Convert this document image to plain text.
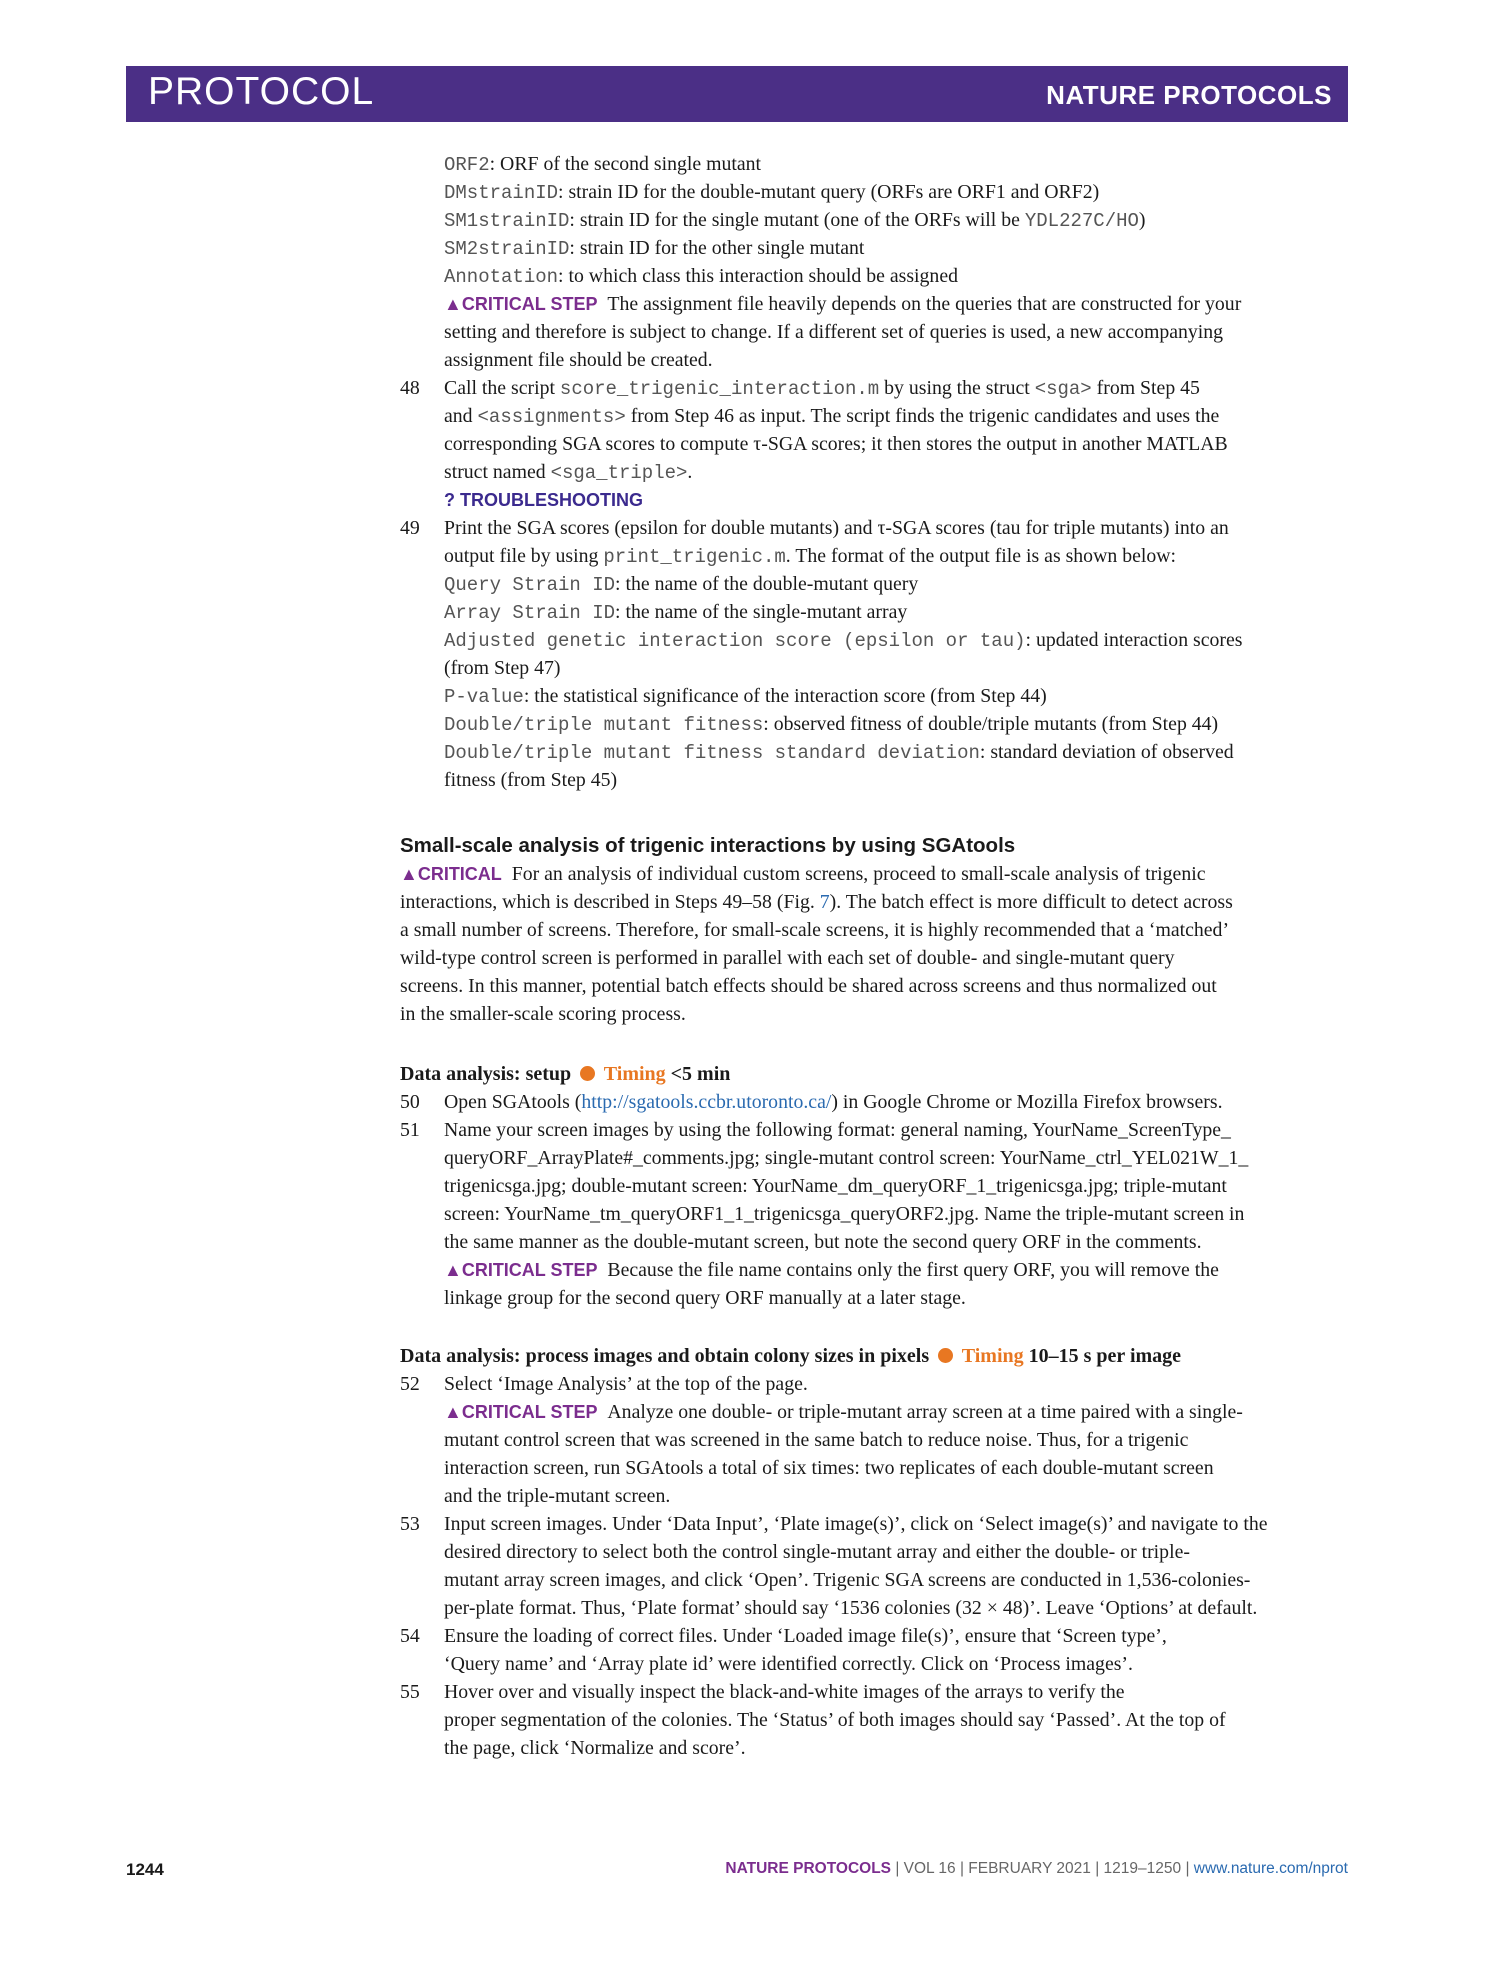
PROTOCOL	NATURE PROTOCOLS
ORF2: ORF of the second single mutant
DMstrainID: strain ID for the double-mutant query (ORFs are ORF1 and ORF2)
SM1strainID: strain ID for the single mutant (one of the ORFs will be YDL227C/HO)
SM2strainID: strain ID for the other single mutant
Annotation: to which class this interaction should be assigned
▲CRITICAL STEP The assignment file heavily depends on the queries that are constructed for your
setting and therefore is subject to change. If a different set of queries is used, a new accompanying
assignment file should be created.
48 Call the script score_trigenic_interaction.m by using the struct <sga> from Step 45
and <assignments> from Step 46 as input. The script finds the trigenic candidates and uses the
corresponding SGA scores to compute τ-SGA scores; it then stores the output in another MATLAB
struct named <sga_triple>.
? TROUBLESHOOTING
49 Print the SGA scores (epsilon for double mutants) and τ-SGA scores (tau for triple mutants) into an
output file by using print_trigenic.m. The format of the output file is as shown below:
Query Strain ID: the name of the double-mutant query
Array Strain ID: the name of the single-mutant array
Adjusted genetic interaction score (epsilon or tau): updated interaction scores
(from Step 47)
P-value: the statistical significance of the interaction score (from Step 44)
Double/triple mutant fitness: observed fitness of double/triple mutants (from Step 44)
Double/triple mutant fitness standard deviation: standard deviation of observed
fitness (from Step 45)
Small-scale analysis of trigenic interactions by using SGAtools
▲CRITICAL For an analysis of individual custom screens, proceed to small-scale analysis of trigenic
interactions, which is described in Steps 49–58 (Fig. 7). The batch effect is more difficult to detect across
a small number of screens. Therefore, for small-scale screens, it is highly recommended that a ‘matched’
wild-type control screen is performed in parallel with each set of double- and single-mutant query
screens. In this manner, potential batch effects should be shared across screens and thus normalized out
in the smaller-scale scoring process.
Data analysis: setup Timing <5 min
50 Open SGAtools (http://sgatools.ccbr.utoronto.ca/) in Google Chrome or Mozilla Firefox browsers.
51 Name your screen images by using the following format: general naming, YourName_ScreenType_
queryORF_ArrayPlate#_comments.jpg; single-mutant control screen: YourName_ctrl_YEL021W_1_
trigenicsga.jpg; double-mutant screen: YourName_dm_queryORF_1_trigenicsga.jpg; triple-mutant
screen: YourName_tm_queryORF1_1_trigenicsga_queryORF2.jpg. Name the triple-mutant screen in
the same manner as the double-mutant screen, but note the second query ORF in the comments.
▲CRITICAL STEP Because the file name contains only the first query ORF, you will remove the
linkage group for the second query ORF manually at a later stage.
Data analysis: process images and obtain colony sizes in pixels Timing 10–15 s per image
52 Select ‘Image Analysis’ at the top of the page.
▲CRITICAL STEP Analyze one double- or triple-mutant array screen at a time paired with a single-
mutant control screen that was screened in the same batch to reduce noise. Thus, for a trigenic
interaction screen, run SGAtools a total of six times: two replicates of each double-mutant screen
and the triple-mutant screen.
53 Input screen images. Under ‘Data Input’, ‘Plate image(s)’, click on ‘Select image(s)’ and navigate to the
desired directory to select both the control single-mutant array and either the double- or triple-
mutant array screen images, and click ‘Open’. Trigenic SGA screens are conducted in 1,536-colonies-
per-plate format. Thus, ‘Plate format’ should say ‘1536 colonies (32 × 48)’. Leave ‘Options’ at default.
54 Ensure the loading of correct files. Under ‘Loaded image file(s)’, ensure that ‘Screen type’,
‘Query name’ and ‘Array plate id’ were identified correctly. Click on ‘Process images’.
55 Hover over and visually inspect the black-and-white images of the arrays to verify the
proper segmentation of the colonies. The ‘Status’ of both images should say ‘Passed’. At the top of
the page, click ‘Normalize and score’.
1244	NATURE PROTOCOLS | VOL 16 | FEBRUARY 2021 | 1219–1250 | www.nature.com/nprot
